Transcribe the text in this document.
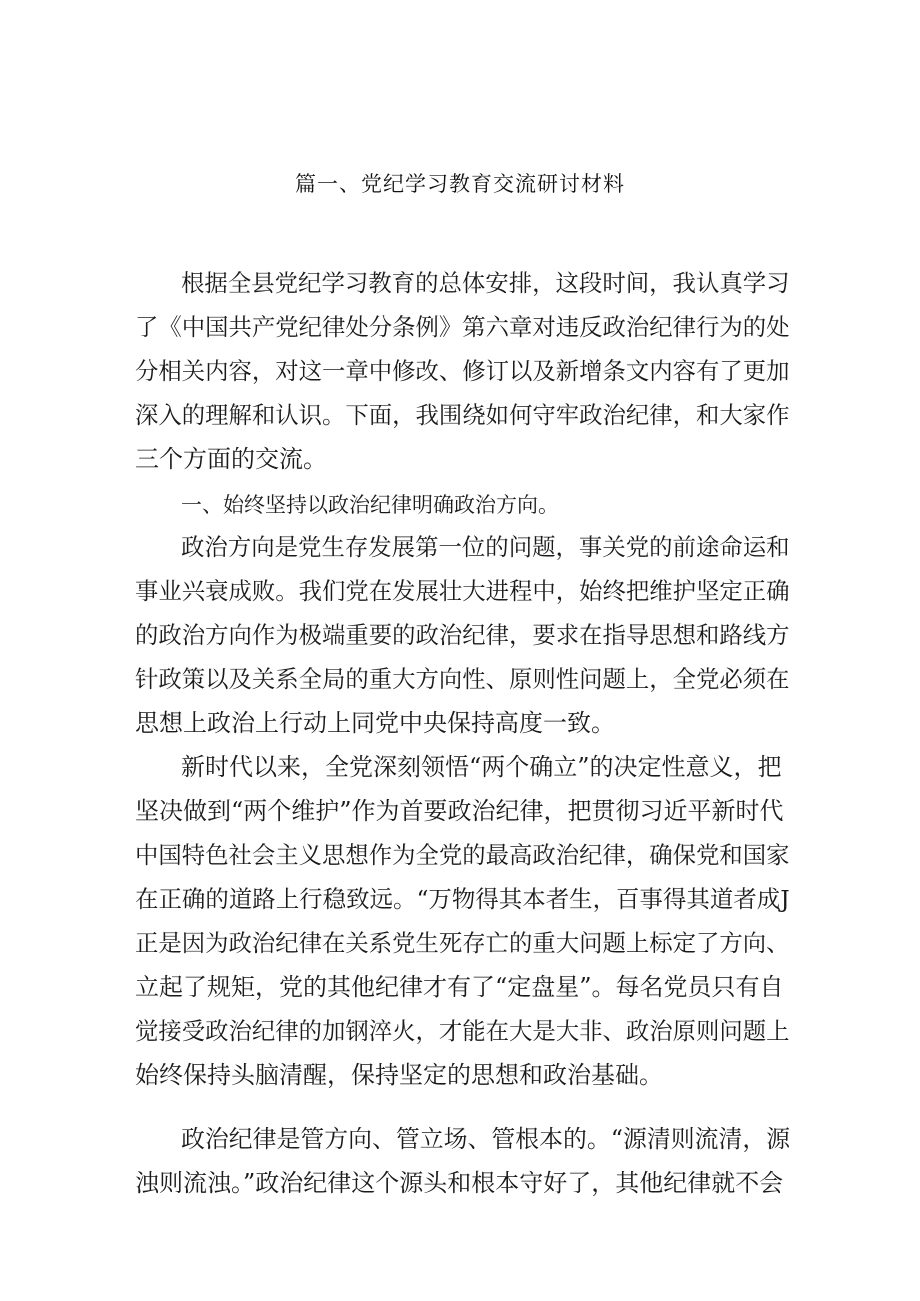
篇一、党纪学习教育交流研讨材料
根据全县党纪学习教育的总体安排，这段时间，我认真学习
了《中国共产党纪律处分条例》第六章对违反政治纪律行为的处
分相关内容，对这一章中修改、修订以及新增条文内容有了更加
深入的理解和认识。下面，我围绕如何守牢政治纪律，和大家作
三个方面的交流。
一、始终坚持以政治纪律明确政治方向。
政治方向是党生存发展第一位的问题，事关党的前途命运和
事业兴衰成败。我们党在发展壮大进程中，始终把维护坚定正确
的政治方向作为极端重要的政治纪律，要求在指导思想和路线方
针政策以及关系全局的重大方向性、原则性问题上，全党必须在
思想上政治上行动上同党中央保持高度一致。
新时代以来，全党深刻领悟“两个确立”的决定性意义，把
坚决做到“两个维护”作为首要政治纪律，把贯彻习近平新时代
中国特色社会主义思想作为全党的最高政治纪律，确保党和国家
在正确的道路上行稳致远。“万物得其本者生，百事得其道者成J
正是因为政治纪律在关系党生死存亡的重大问题上标定了方向、
立起了规矩，党的其他纪律才有了“定盘星”。每名党员只有自
觉接受政治纪律的加钢淬火，才能在大是大非、政治原则问题上
始终保持头脑清醒，保持坚定的思想和政治基础。
政治纪律是管方向、管立场、管根本的。“源清则流清，源
浊则流浊。”政治纪律这个源头和根本守好了，其他纪律就不会
